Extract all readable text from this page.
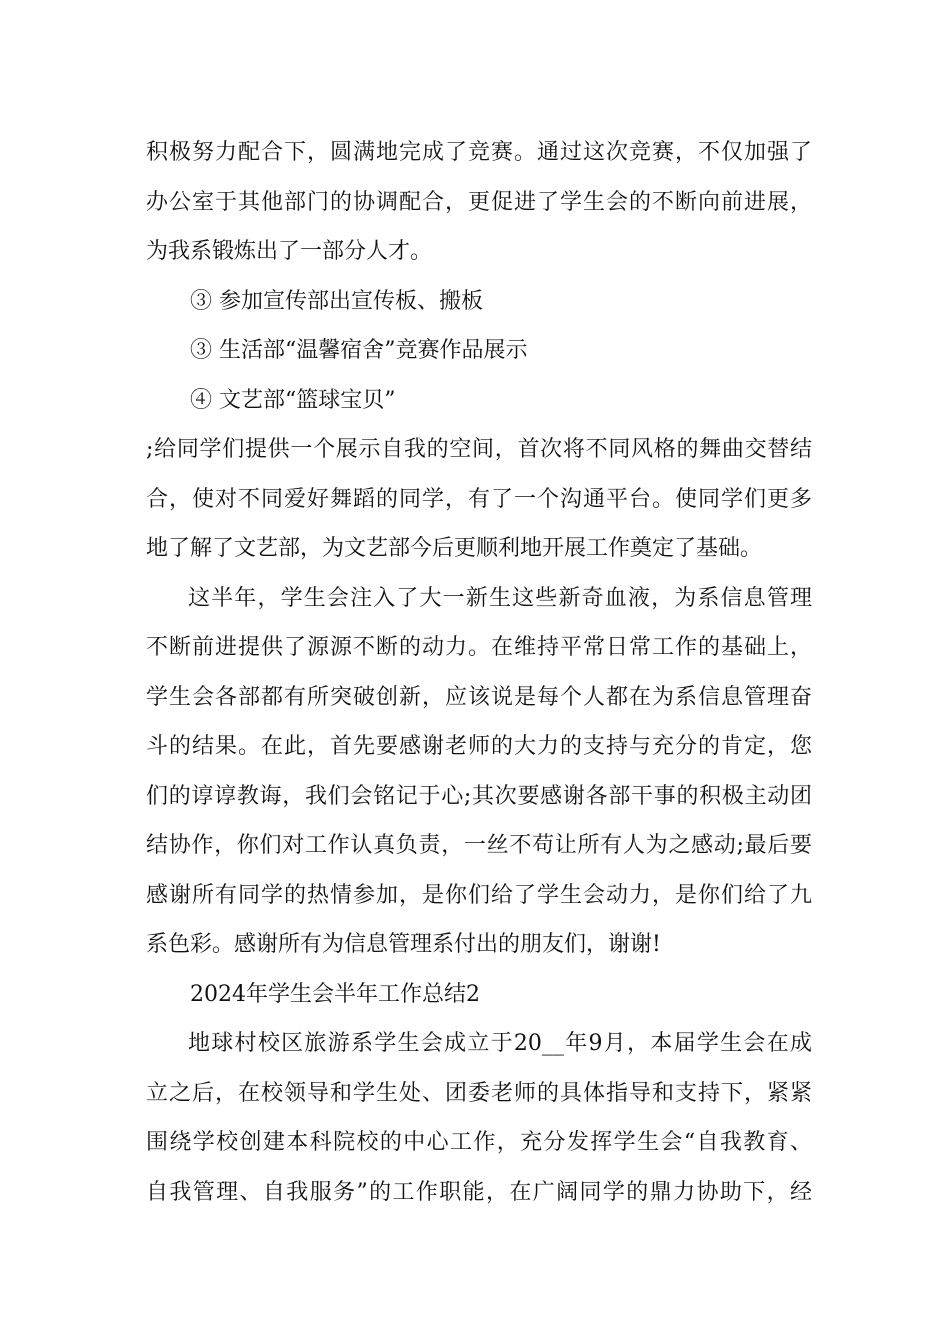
积极努力配合下，圆满地完成了竞赛。通过这次竞赛，不仅加强了
办公室于其他部门的协调配合，更促进了学生会的不断向前进展，
为我系锻炼出了一部分人才。
③ 参加宣传部出宣传板、搬板
③ 生活部“温馨宿舍”竞赛作品展示
④ 文艺部“篮球宝贝”
;给同学们提供一个展示自我的空间，首次将不同风格的舞曲交替结
合，使对不同爱好舞蹈的同学，有了一个沟通平台。使同学们更多
地了解了文艺部，为文艺部今后更顺利地开展工作奠定了基础。
这半年，学生会注入了大一新生这些新奇血液，为系信息管理
不断前进提供了源源不断的动力。在维持平常日常工作的基础上，
学生会各部都有所突破创新，应该说是每个人都在为系信息管理奋
斗的结果。在此，首先要感谢老师的大力的支持与充分的肯定，您
们的谆谆教诲，我们会铭记于心;其次要感谢各部干事的积极主动团
结协作，你们对工作认真负责，一丝不苟让所有人为之感动;最后要
感谢所有同学的热情参加，是你们给了学生会动力，是你们给了九
系色彩。感谢所有为信息管理系付出的朋友们，谢谢!
2024年学生会半年工作总结2
地球村校区旅游系学生会成立于20__年9月，本届学生会在成
立之后，在校领导和学生处、团委老师的具体指导和支持下，紧紧
围绕学校创建本科院校的中心工作，充分发挥学生会“自我教育、
自我管理、自我服务”的工作职能，在广阔同学的鼎力协助下，经
